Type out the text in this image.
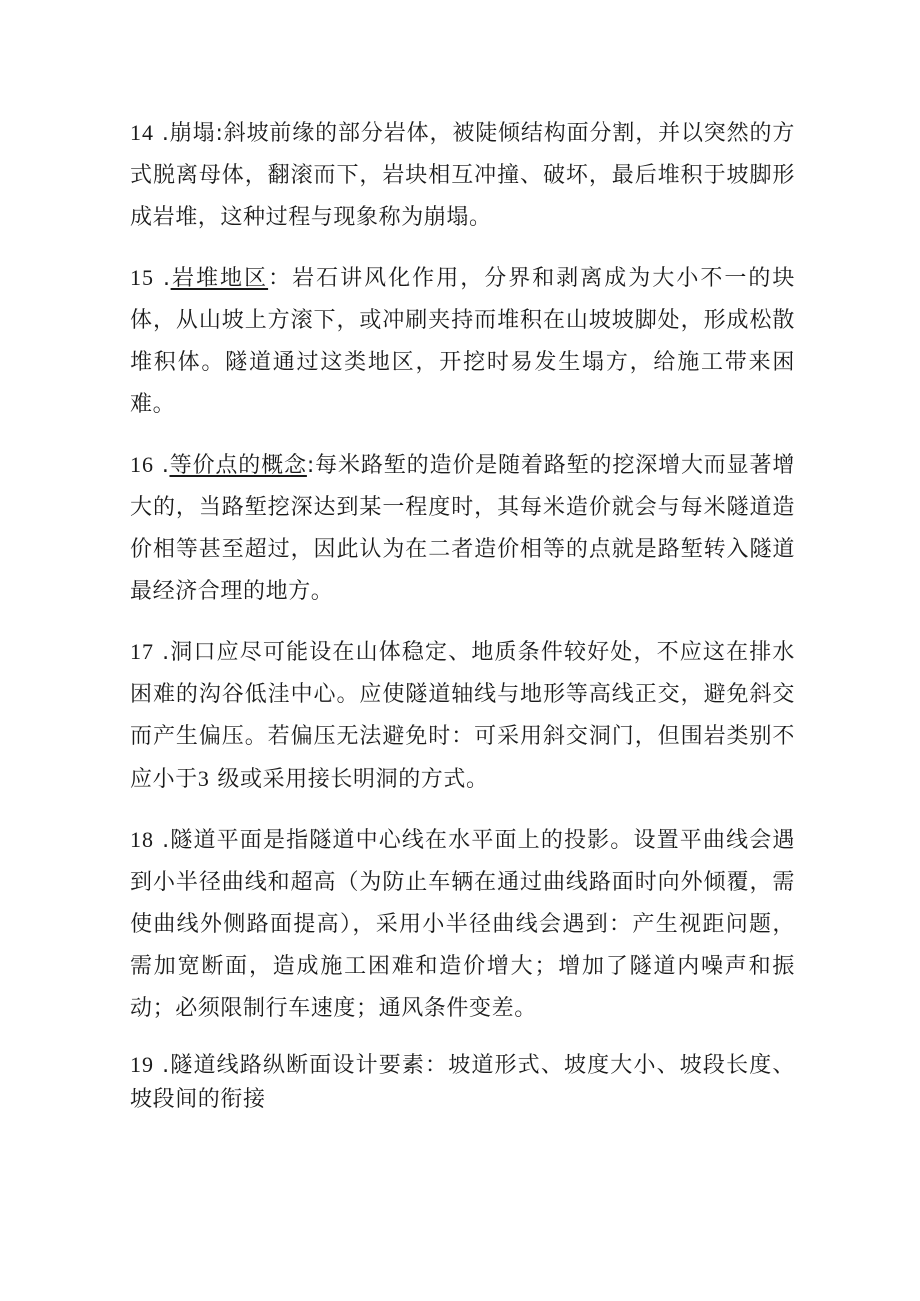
14 .崩塌:斜坡前缘的部分岩体，被陡倾结构面分割，并以突然的方式脱离母体，翻滚而下，岩块相互冲撞、破坏，最后堆积于坡脚形成岩堆，这种过程与现象称为崩塌。

15 .岩堆地区：岩石讲风化作用，分界和剥离成为大小不一的块体，从山坡上方滚下，或冲刷夹持而堆积在山坡坡脚处，形成松散堆积体。隧道通过这类地区，开挖时易发生塌方，给施工带来困难。

16 .等价点的概念:每米路堑的造价是随着路堑的挖深增大而显著增大的，当路堑挖深达到某一程度时，其每米造价就会与每米隧道造价相等甚至超过，因此认为在二者造价相等的点就是路堑转入隧道最经济合理的地方。

17 .洞口应尽可能设在山体稳定、地质条件较好处，不应这在排水困难的沟谷低洼中心。应使隧道轴线与地形等高线正交，避免斜交而产生偏压。若偏压无法避免时：可采用斜交洞门，但围岩类别不应小于3 级或采用接长明洞的方式。

18 .隧道平面是指隧道中心线在水平面上的投影。设置平曲线会遇到小半径曲线和超高（为防止车辆在通过曲线路面时向外倾覆，需使曲线外侧路面提高），采用小半径曲线会遇到：产生视距问题，需加宽断面，造成施工困难和造价增大；增加了隧道内噪声和振动；必须限制行车速度；通风条件变差。

19 .隧道线路纵断面设计要素：坡道形式、坡度大小、坡段长度、坡段间的衔接
